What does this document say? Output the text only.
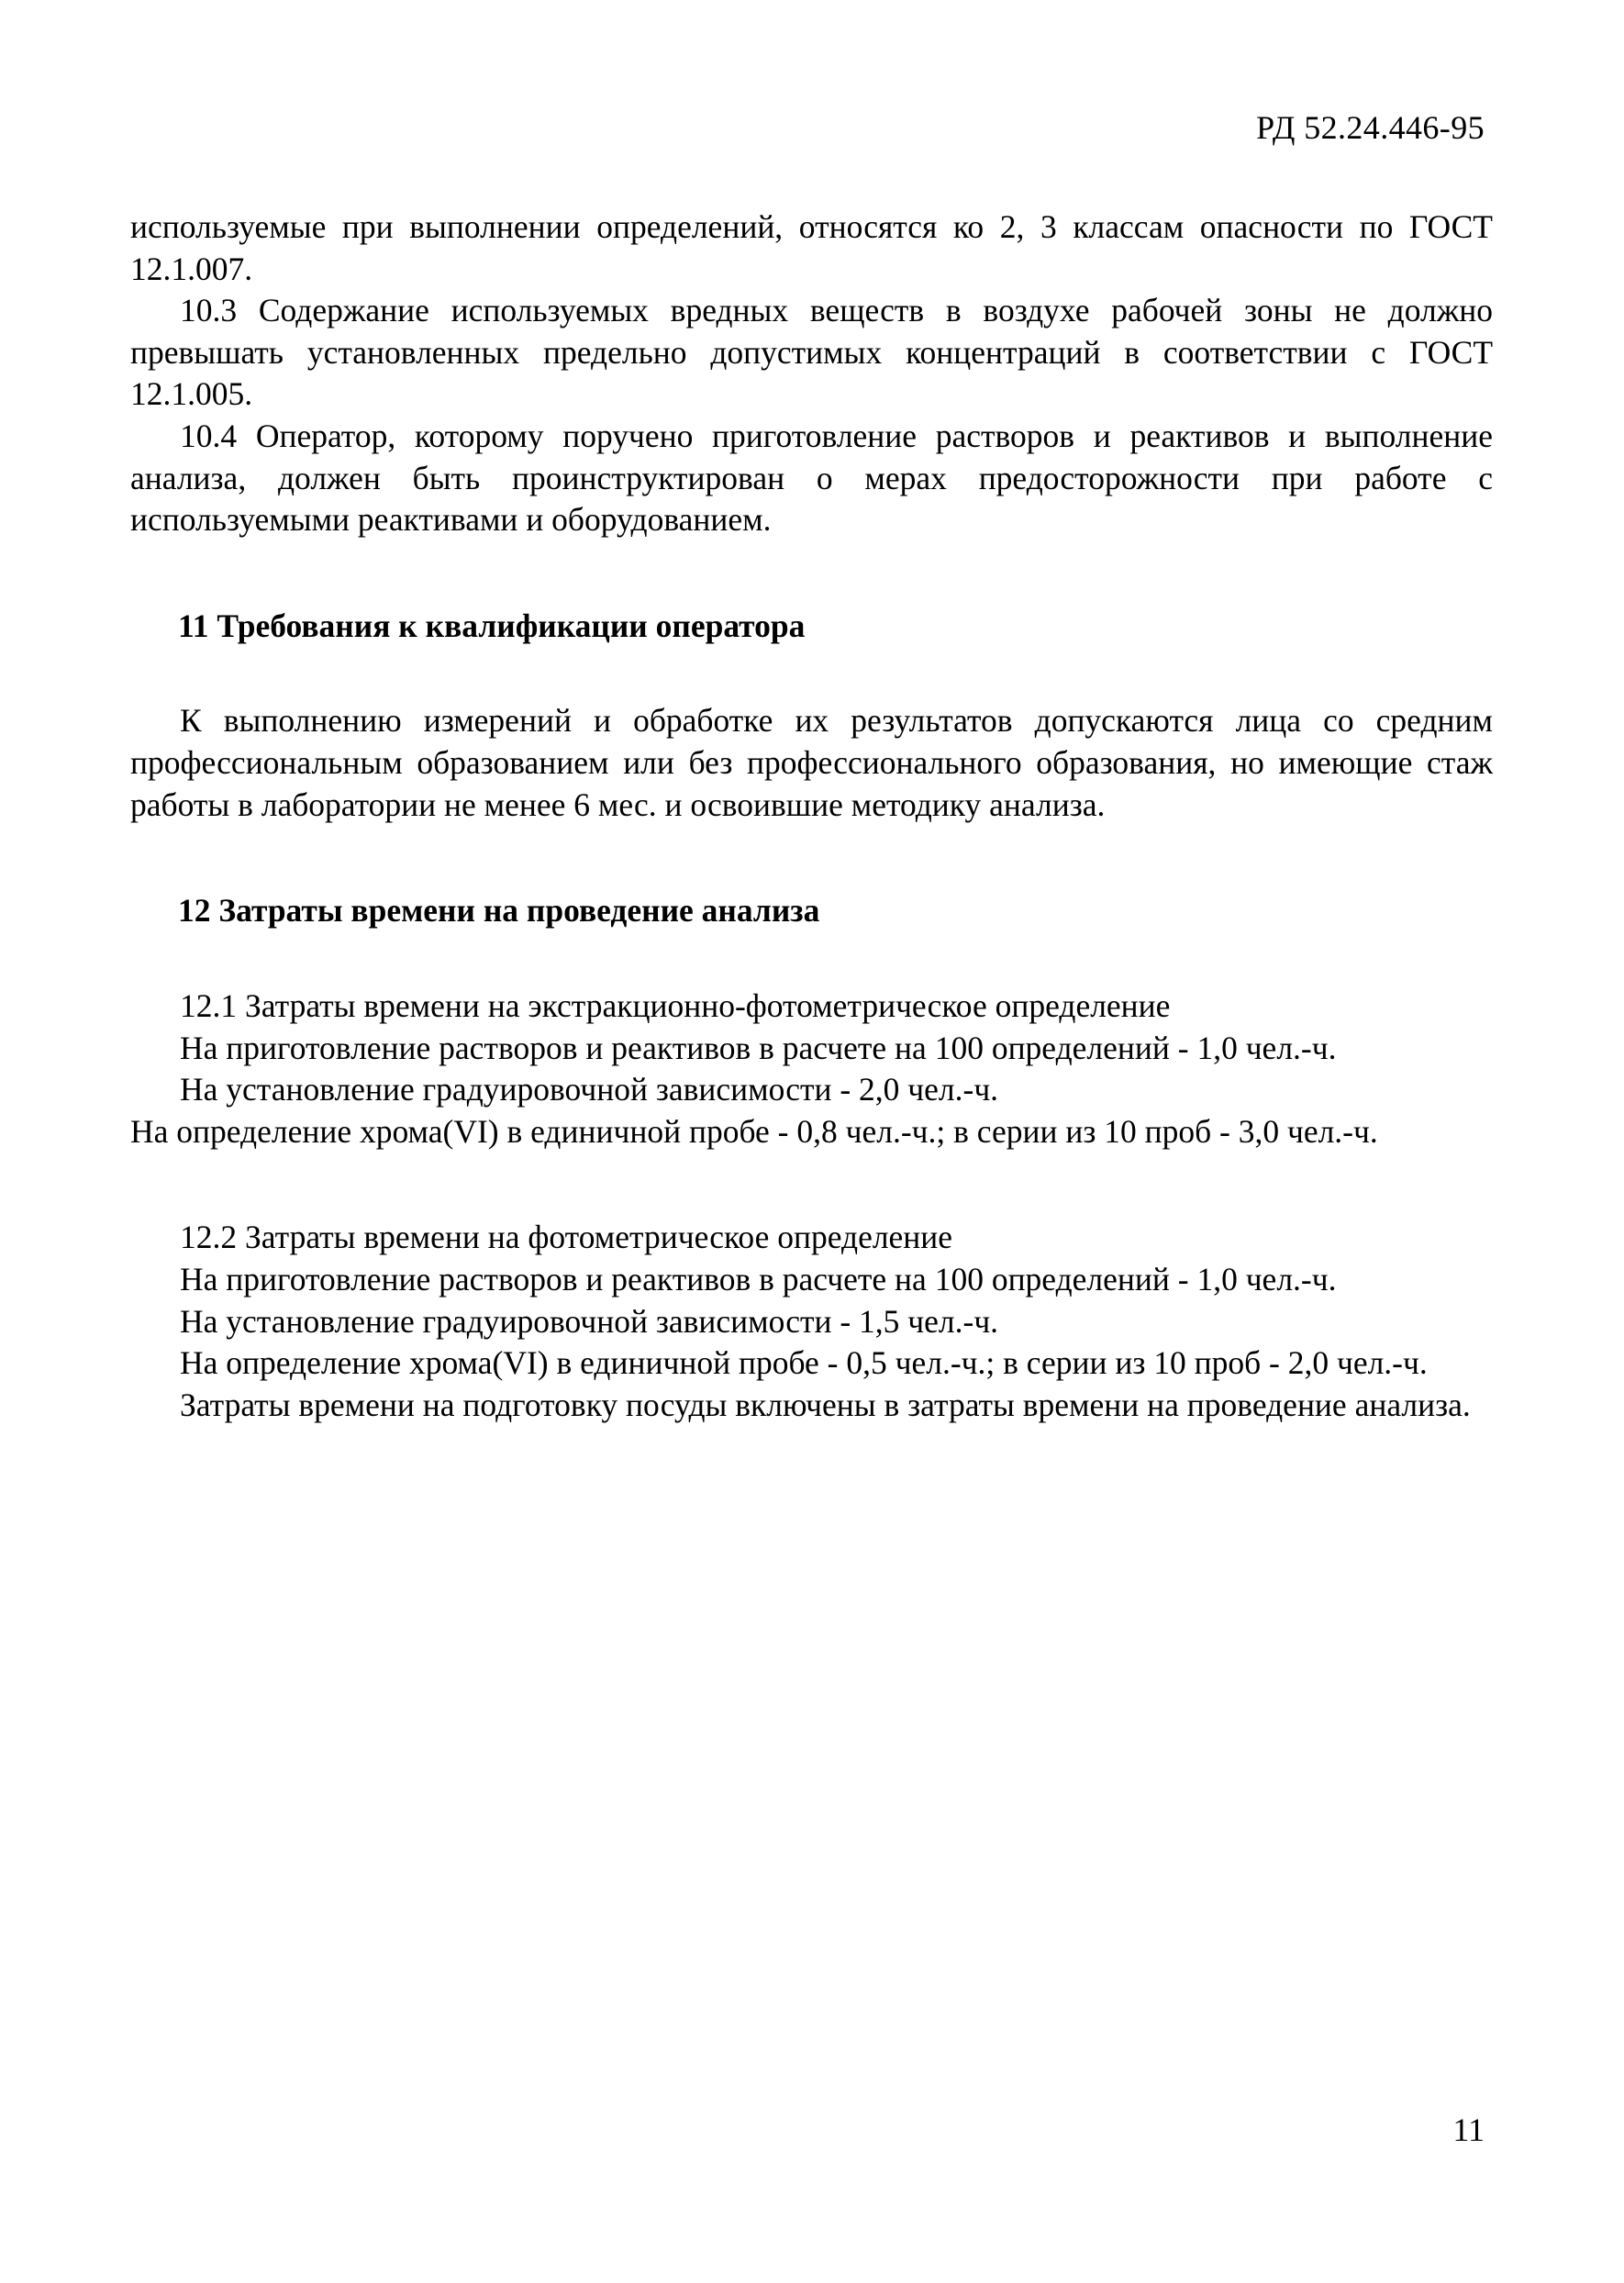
РД 52.24.446-95

используемые при выполнении определений, относятся ко 2, 3 классам опасности по ГОСТ 12.1.007.

10.3 Содержание используемых вредных веществ в воздухе рабочей зоны не должно превышать установленных предельно допустимых концентраций в соответствии с ГОСТ 12.1.005.

10.4 Оператор, которому поручено приготовление растворов и реактивов и выполнение анализа, должен быть проинструктирован о мерах предосторожности при работе с используемыми реактивами и оборудованием.

11 Требования к квалификации оператора

К выполнению измерений и обработке их результатов допускаются лица со средним профессиональным образованием или без профессионального образования, но имеющие стаж работы в лаборатории не менее 6 мес. и освоившие методику анализа.

12 Затраты времени на проведение анализа

12.1 Затраты времени на экстракционно-фотометрическое определение

На приготовление растворов и реактивов в расчете на 100 определений - 1,0 чел.-ч.

На установление градуировочной зависимости - 2,0 чел.-ч.

На определение хрома(VI) в единичной пробе - 0,8 чел.-ч.; в серии из 10 проб - 3,0 чел.-ч.

12.2 Затраты времени на фотометрическое определение

На приготовление растворов и реактивов в расчете на 100 определений - 1,0 чел.-ч.

На установление градуировочной зависимости - 1,5 чел.-ч.

На определение хрома(VI) в единичной пробе - 0,5 чел.-ч.; в серии из 10 проб - 2,0 чел.-ч.

Затраты времени на подготовку посуды включены в затраты времени на проведение анализа.

11
